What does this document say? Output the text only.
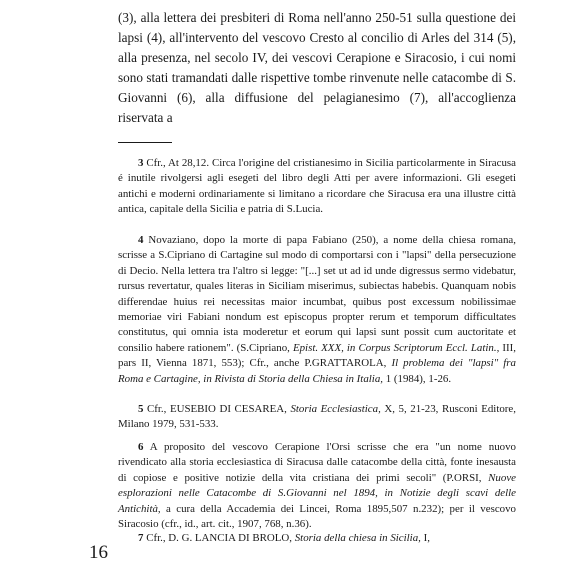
(3), alla lettera dei presbiteri di Roma nell'anno 250-51 sulla questione dei lapsi (4), all'intervento del vescovo Cresto al concilio di Arles del 314 (5), alla presenza, nel secolo IV, dei vescovi Cerapione e Siracosio, i cui nomi sono stati tramandati dalle rispettive tombe rinvenute nelle catacombe di S. Giovanni (6), alla diffusione del pelagianesimo (7), all'accoglienza riservata a

3 Cfr., At 28,12. Circa l'origine del cristianesimo in Sicilia particolarmente in Siracusa é inutile rivolgersi agli esegeti del libro degli Atti per avere informazioni. Gli esegeti antichi e moderni ordinariamente si limitano a ricordare che Siracusa era una illustre città antica, capitale della Sicilia e patria di S.Lucia.

4 Novaziano, dopo la morte di papa Fabiano (250), a nome della chiesa romana, scrisse a S.Cipriano di Cartagine sul modo di comportarsi con i "lapsi" della persecuzione di Decio. Nella lettera tra l'altro si legge: "[...] set ut ad id unde digressus sermo videbatur, rursus revertatur, quales literas in Siciliam miserimus, subiectas habebis. Quanquam nobis differendae huius rei necessitas maior incumbat, quibus post excessum nobilissimae memoriae viri Fabiani nondum est episcopus propter rerum et temporum difficultates constitutus, qui omnia ista moderetur et eorum qui lapsi sunt possit cum auctoritate et consilio habere rationem". (S.Cipriano, Epist. XXX, in Corpus Scriptorum Eccl. Latin., III, pars II, Vienna 1871, 553); Cfr., anche P.GRATTAROLA, Il problema dei "lapsi" fra Roma e Cartagine, in Rivista di Storia della Chiesa in Italia, 1 (1984), 1-26.

5 Cfr., EUSEBIO DI CESAREA, Storia Ecclesiastica, X, 5, 21-23, Rusconi Editore, Milano 1979, 531-533.

6 A proposito del vescovo Cerapione l'Orsi scrisse che era "un nome nuovo rivendicato alla storia ecclesiastica di Siracusa dalle catacombe della città, fonte inesausta di copiose e positive notizie della vita cristiana dei primi secoli" (P.ORSI, Nuove esplorazioni nelle Catacombe di S.Giovanni nel 1894, in Notizie degli scavi delle Antichità, a cura della Accademia dei Lincei, Roma 1895,507 n.232); per il vescovo Siracosio (cfr., id., art. cit., 1907, 768, n.36).

7 Cfr., D. G. LANCIA DI BROLO, Storia della chiesa in Sicilia, I,

16
